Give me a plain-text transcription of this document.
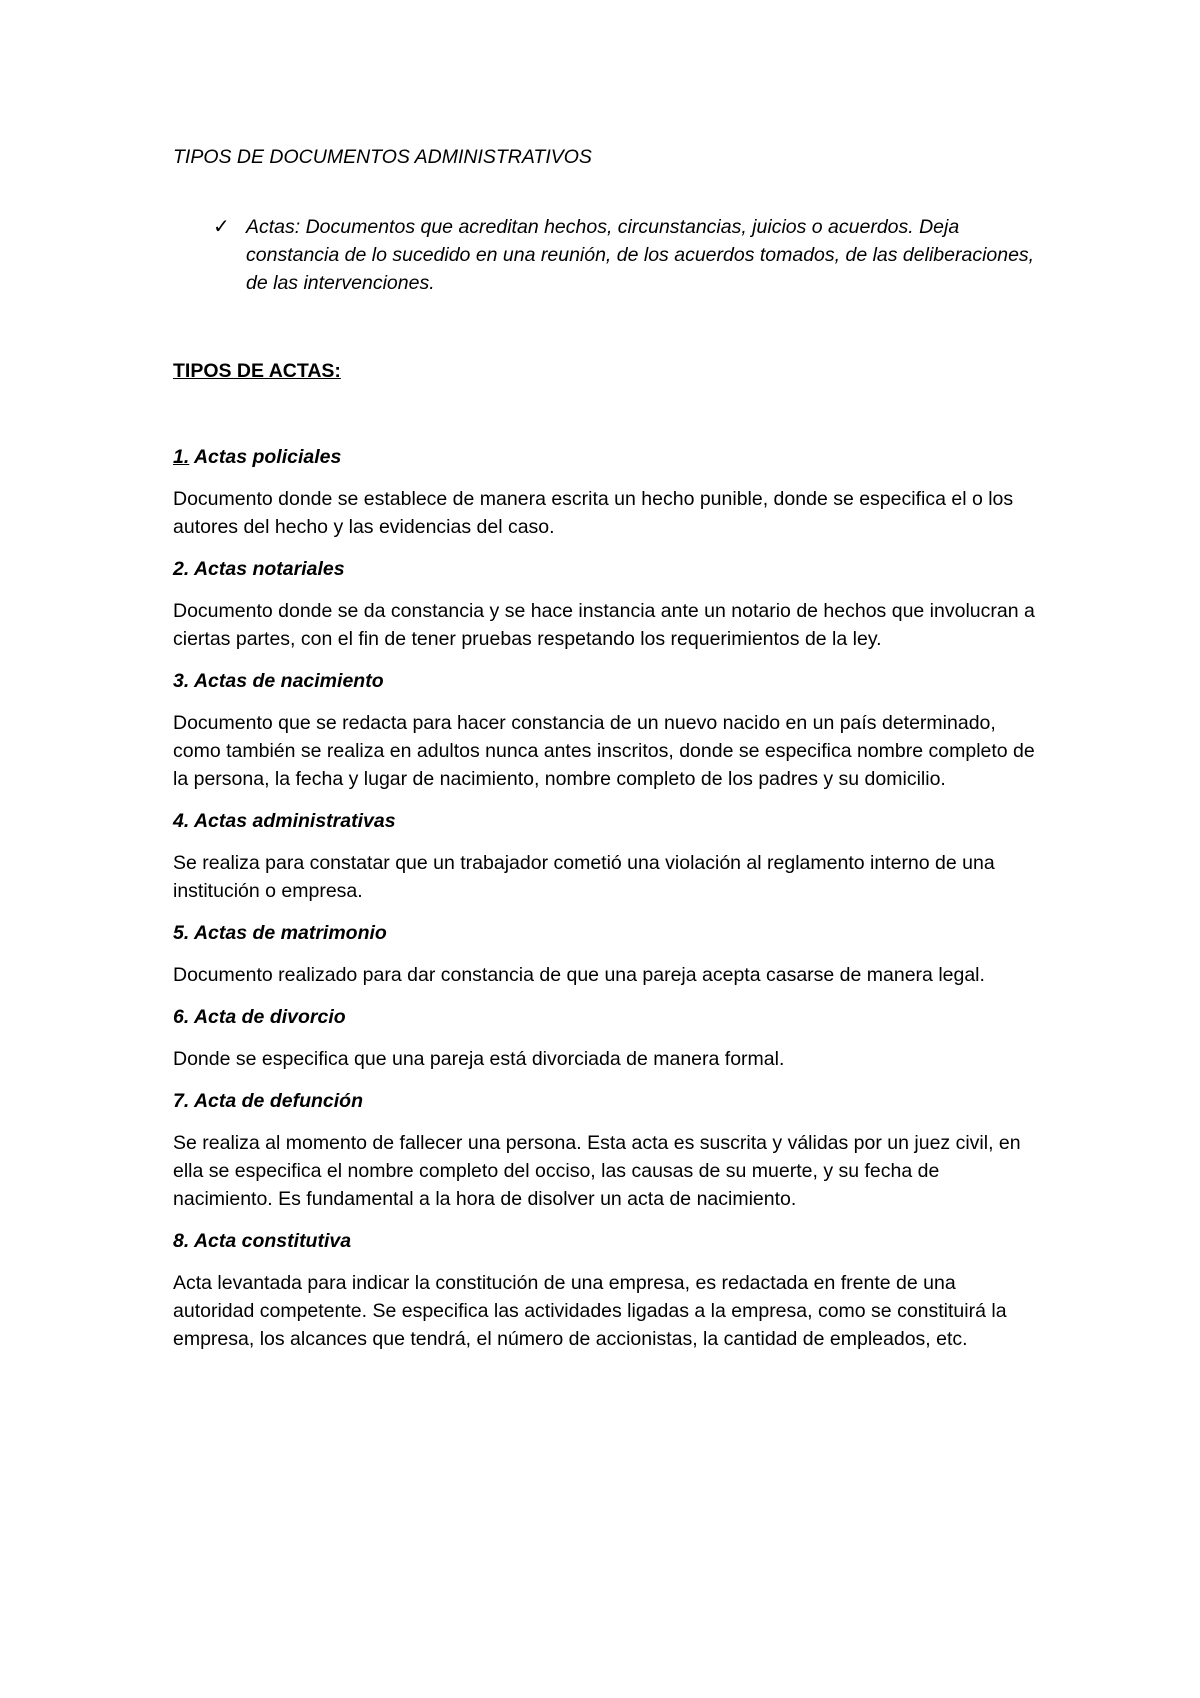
TIPOS DE DOCUMENTOS ADMINISTRATIVOS

✓ Actas: Documentos que acreditan hechos, circunstancias, juicios o acuerdos. Deja constancia de lo sucedido en una reunión, de los acuerdos tomados, de las deliberaciones, de las intervenciones.
TIPOS DE ACTAS:

1. Actas policiales

Documento donde se establece de manera escrita un hecho punible, donde se especifica el o los autores del hecho y las evidencias del caso.

2. Actas notariales

Documento donde se da constancia y se hace instancia ante un notario de hechos que involucran a ciertas partes, con el fin de tener pruebas respetando los requerimientos de la ley.

3. Actas de nacimiento

Documento que se redacta para hacer constancia de un nuevo nacido en un país determinado, como también se realiza en adultos nunca antes inscritos, donde se especifica nombre completo de la persona, la fecha y lugar de nacimiento, nombre completo de los padres y su domicilio.

4. Actas administrativas

Se realiza para constatar que un trabajador cometió una violación al reglamento interno de una institución o empresa.

5. Actas de matrimonio

Documento realizado para dar constancia de que una pareja acepta casarse de manera legal.

6. Acta de divorcio

Donde se especifica que una pareja está divorciada de manera formal.

7. Acta de defunción

Se realiza al momento de fallecer una persona. Esta acta es suscrita y válidas por un juez civil, en ella se especifica el nombre completo del occiso, las causas de su muerte, y su fecha de nacimiento. Es fundamental a la hora de disolver un acta de nacimiento.

8. Acta constitutiva

Acta levantada para indicar la constitución de una empresa, es redactada en frente de una autoridad competente. Se especifica las actividades ligadas a la empresa, como se constituirá la empresa, los alcances que tendrá, el número de accionistas, la cantidad de empleados, etc.
